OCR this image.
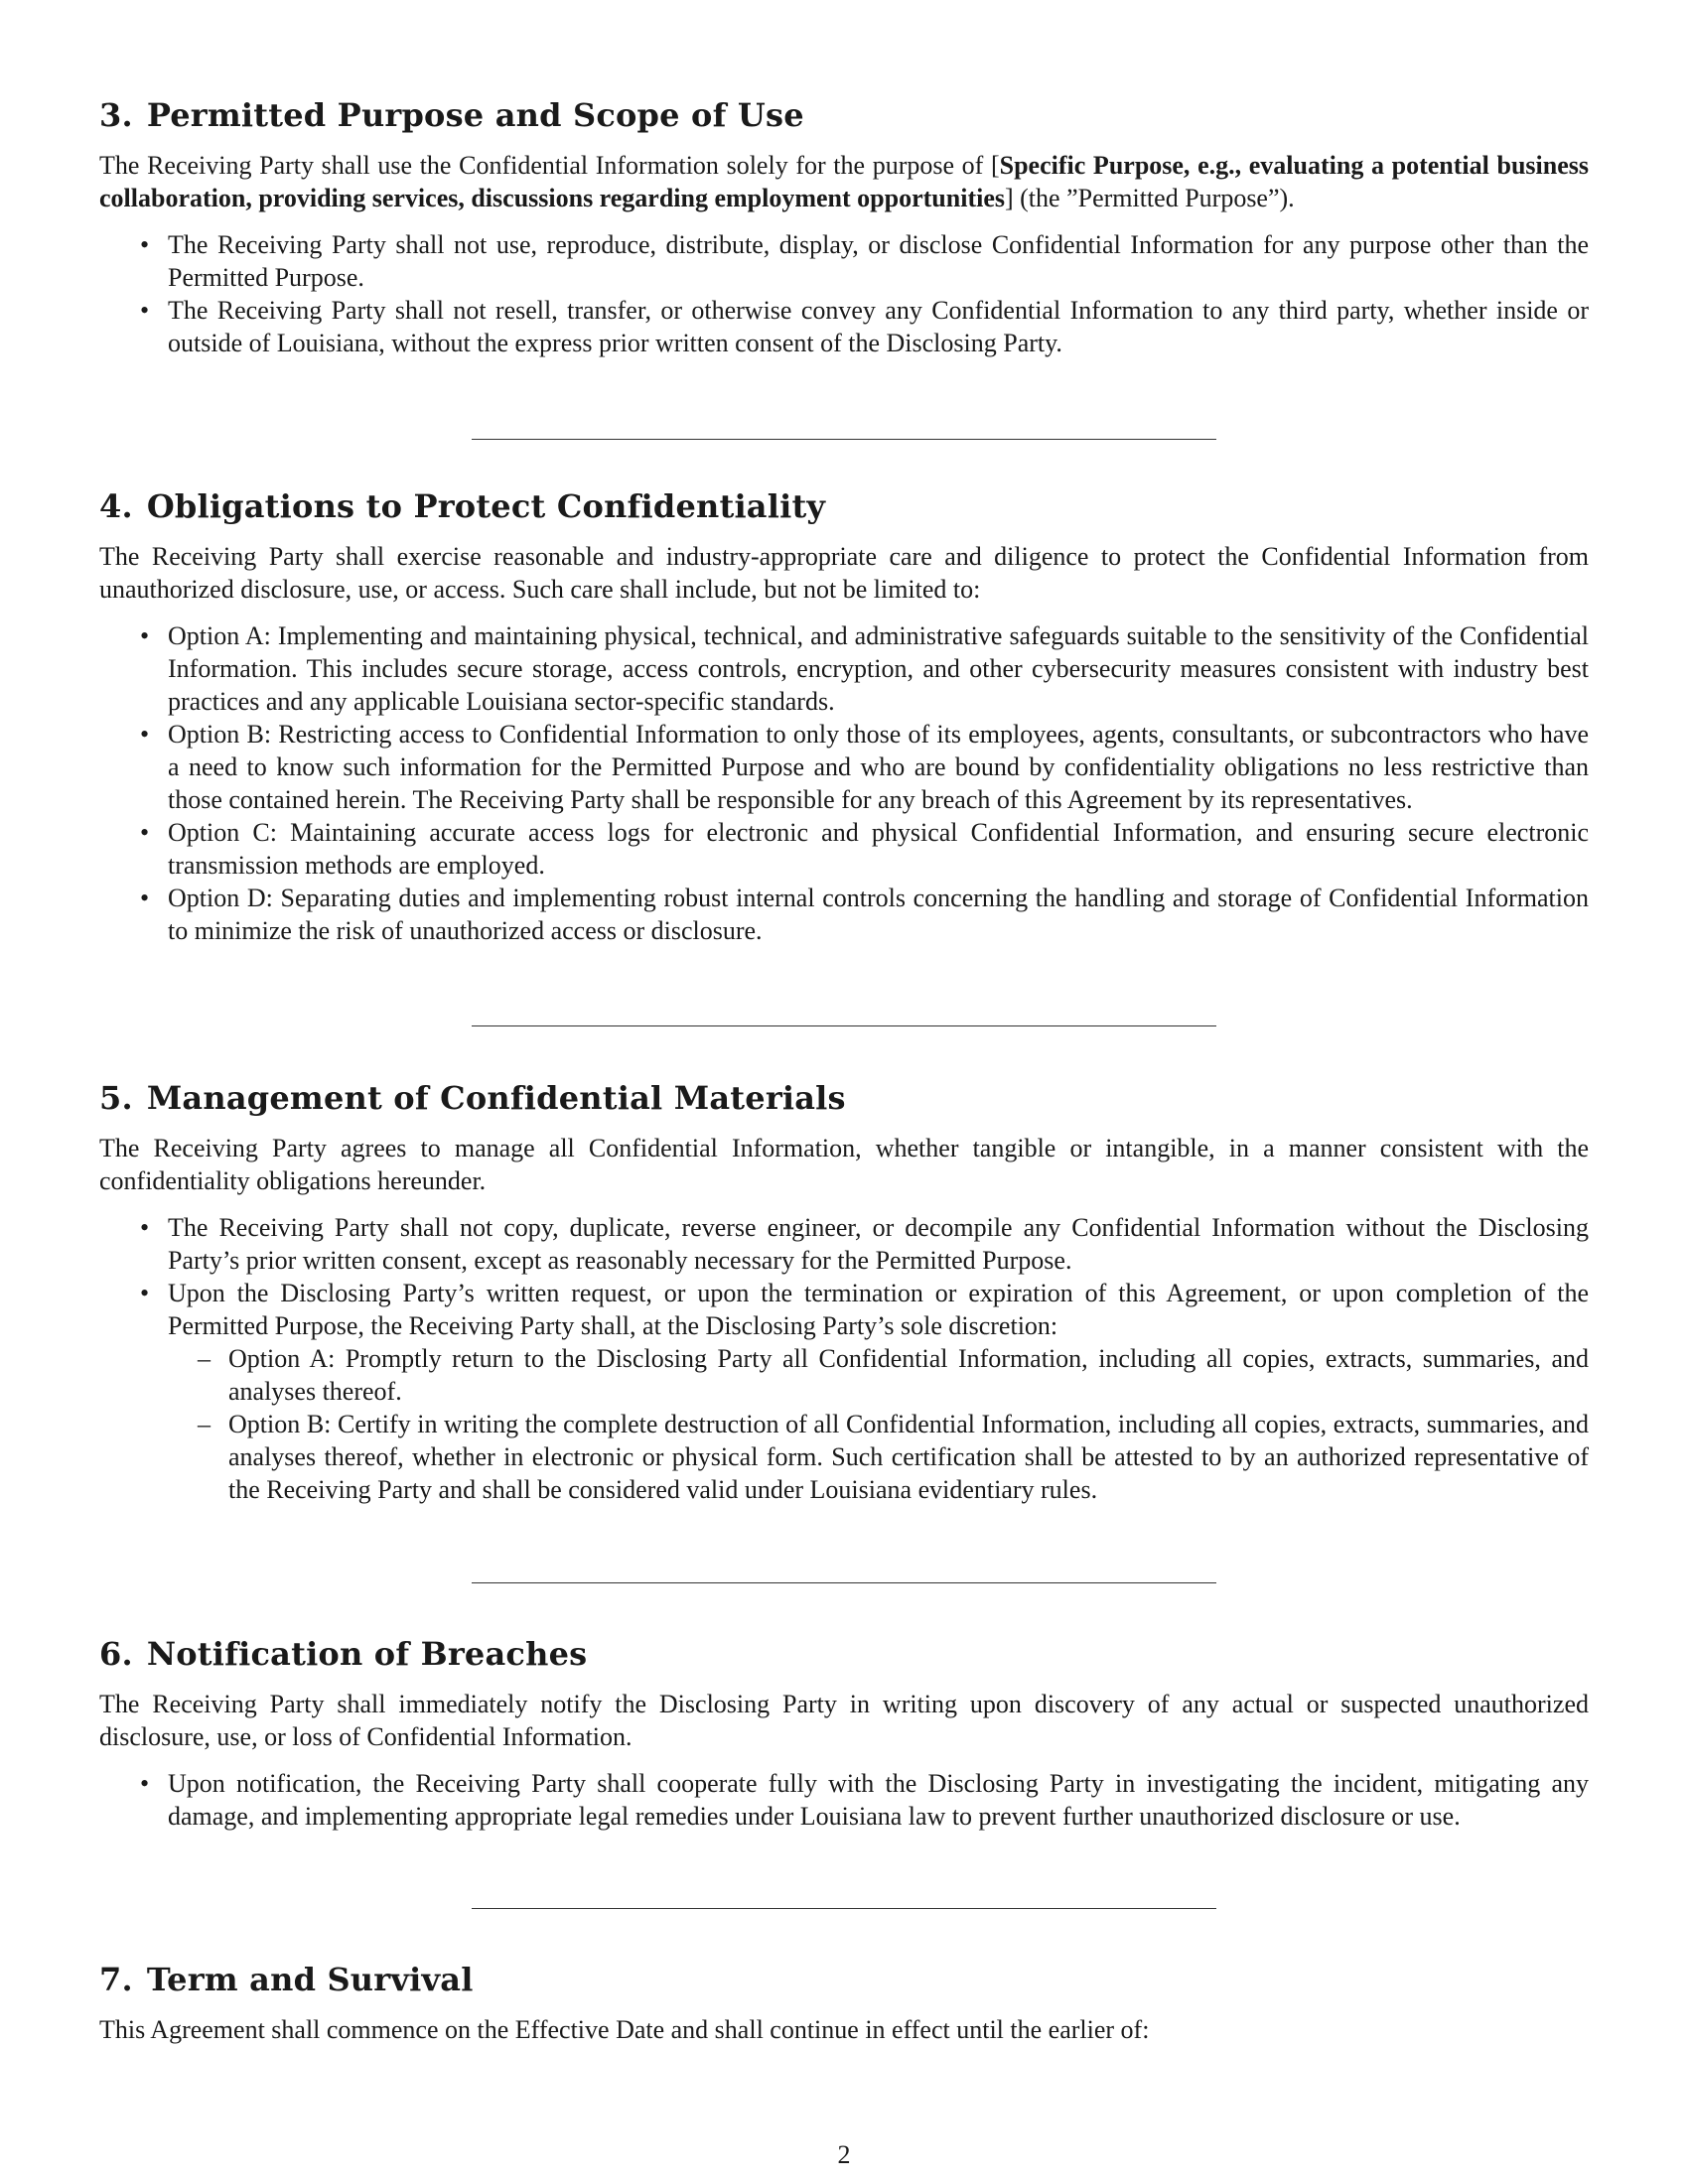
3. Permitted Purpose and Scope of Use

The Receiving Party shall use the Confidential Information solely for the purpose of [Specific Purpose, e.g., evaluating a potential business collaboration, providing services, discussions regarding employment opportunities] (the ”Permitted Purpose”).

• The Receiving Party shall not use, reproduce, distribute, display, or disclose Confidential Information for any purpose other than the Permitted Purpose.
• The Receiving Party shall not resell, transfer, or otherwise convey any Confidential Information to any third party, whether inside or outside of Louisiana, without the express prior written consent of the Disclosing Party.
4. Obligations to Protect Confidentiality

The Receiving Party shall exercise reasonable and industry-appropriate care and diligence to protect the Confidential Information from unauthorized disclosure, use, or access. Such care shall include, but not be limited to:

• Option A: Implementing and maintaining physical, technical, and administrative safeguards suitable to the sensitivity of the Confidential Information. This includes secure storage, access controls, encryption, and other cybersecurity measures consistent with industry best practices and any applicable Louisiana sector-specific standards.
• Option B: Restricting access to Confidential Information to only those of its employees, agents, consultants, or subcontractors who have a need to know such information for the Permitted Purpose and who are bound by confidentiality obligations no less restrictive than those contained herein. The Receiving Party shall be responsible for any breach of this Agreement by its representatives.
• Option C: Maintaining accurate access logs for electronic and physical Confidential Information, and ensuring secure electronic transmission methods are employed.
• Option D: Separating duties and implementing robust internal controls concerning the handling and storage of Confidential Information to minimize the risk of unauthorized access or disclosure.
5. Management of Confidential Materials

The Receiving Party agrees to manage all Confidential Information, whether tangible or intangible, in a manner consistent with the confidentiality obligations hereunder.

• The Receiving Party shall not copy, duplicate, reverse engineer, or decompile any Confidential Information without the Disclosing Party’s prior written consent, except as reasonably necessary for the Permitted Purpose.
• Upon the Disclosing Party’s written request, or upon the termination or expiration of this Agreement, or upon completion of the Permitted Purpose, the Receiving Party shall, at the Disclosing Party’s sole discretion:
– Option A: Promptly return to the Disclosing Party all Confidential Information, including all copies, extracts, summaries, and analyses thereof.
– Option B: Certify in writing the complete destruction of all Confidential Information, including all copies, extracts, summaries, and analyses thereof, whether in electronic or physical form. Such certification shall be attested to by an authorized representative of the Receiving Party and shall be considered valid under Louisiana evidentiary rules.
6. Notification of Breaches

The Receiving Party shall immediately notify the Disclosing Party in writing upon discovery of any actual or suspected unauthorized disclosure, use, or loss of Confidential Information.

• Upon notification, the Receiving Party shall cooperate fully with the Disclosing Party in investigating the incident, mitigating any damage, and implementing appropriate legal remedies under Louisiana law to prevent further unauthorized disclosure or use.
7. Term and Survival

This Agreement shall commence on the Effective Date and shall continue in effect until the earlier of:

2
